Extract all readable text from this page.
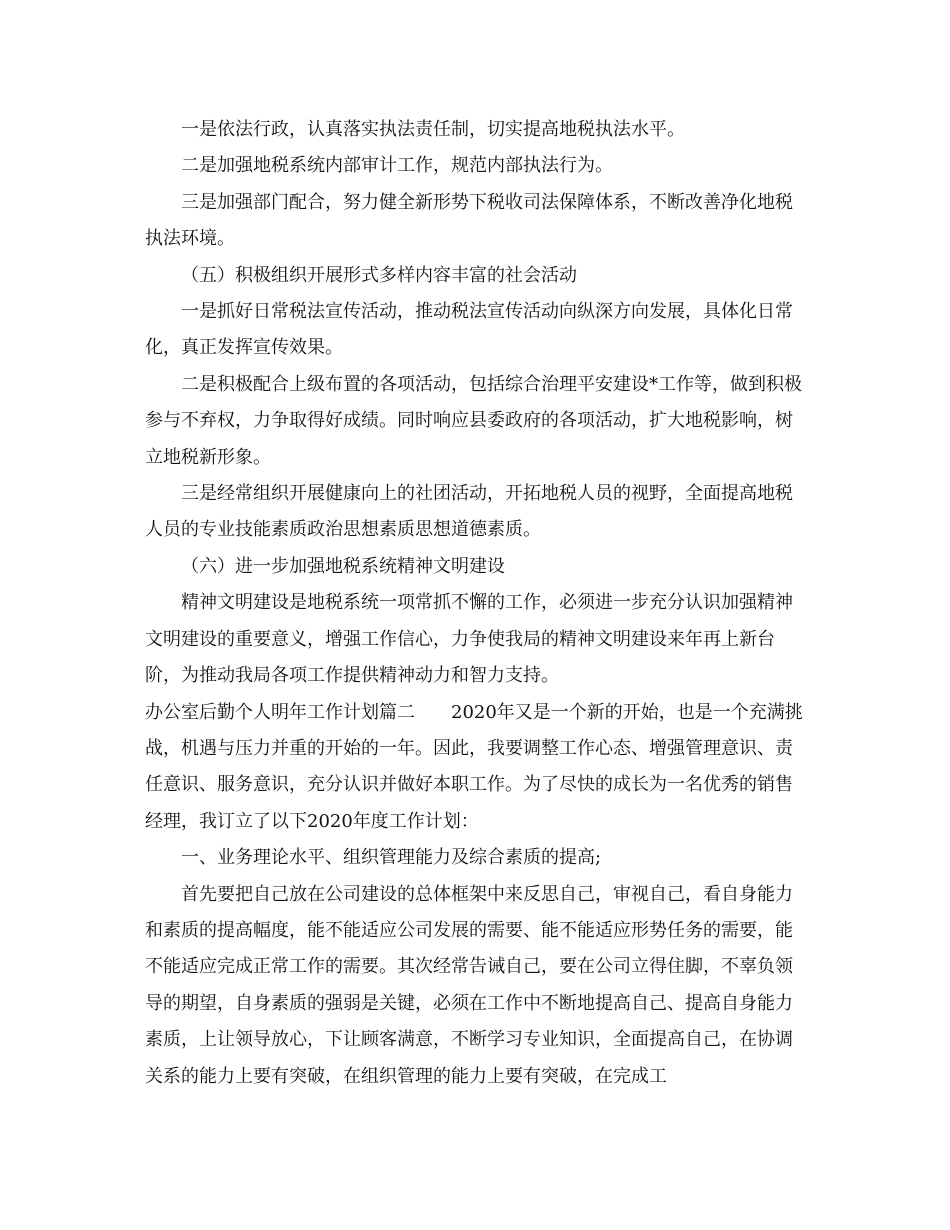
一是依法行政，认真落实执法责任制，切实提高地税执法水平。

二是加强地税系统内部审计工作，规范内部执法行为。

三是加强部门配合，努力健全新形势下税收司法保障体系，不断改善净化地税执法环境。

（五）积极组织开展形式多样内容丰富的社会活动

一是抓好日常税法宣传活动，推动税法宣传活动向纵深方向发展，具体化日常化，真正发挥宣传效果。

二是积极配合上级布置的各项活动，包括综合治理平安建设*工作等，做到积极参与不弃权，力争取得好成绩。同时响应县委政府的各项活动，扩大地税影响，树立地税新形象。

三是经常组织开展健康向上的社团活动，开拓地税人员的视野，全面提高地税人员的专业技能素质政治思想素质思想道德素质。

（六）进一步加强地税系统精神文明建设

精神文明建设是地税系统一项常抓不懈的工作，必须进一步充分认识加强精神文明建设的重要意义，增强工作信心，力争使我局的精神文明建设来年再上新台阶，为推动我局各项工作提供精神动力和智力支持。

办公室后勤个人明年工作计划篇二　　2020年又是一个新的开始，也是一个充满挑战，机遇与压力并重的开始的一年。因此，我要调整工作心态、增强管理意识、责任意识、服务意识，充分认识并做好本职工作。为了尽快的成长为一名优秀的销售经理，我订立了以下2020年度工作计划：

一、业务理论水平、组织管理能力及综合素质的提高;

首先要把自己放在公司建设的总体框架中来反思自己，审视自己，看自身能力和素质的提高幅度，能不能适应公司发展的需要、能不能适应形势任务的需要，能不能适应完成正常工作的需要。其次经常告诫自己，要在公司立得住脚，不辜负领导的期望，自身素质的强弱是关键，必须在工作中不断地提高自己、提高自身能力素质，上让领导放心，下让顾客满意，不断学习专业知识，全面提高自己，在协调关系的能力上要有突破，在组织管理的能力上要有突破，在完成工
